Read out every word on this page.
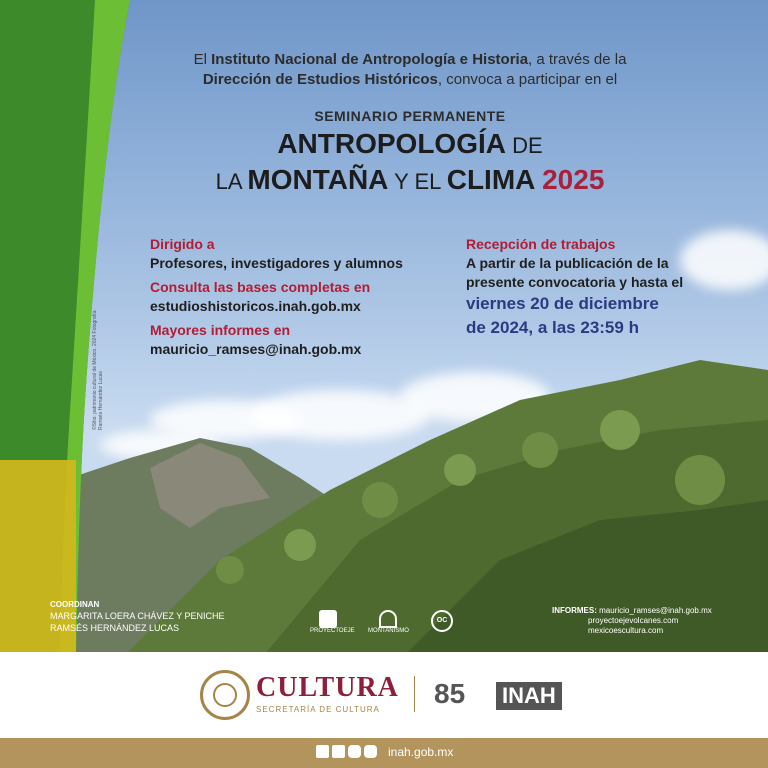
El Instituto Nacional de Antropología e Historia, a través de la
Dirección de Estudios Históricos, convoca a participar en el
SEMINARIO PERMANENTE
ANTROPOLOGÍA DE
LA MONTAÑA Y EL CLIMA 2025
Dirigido a
Profesores, investigadores y alumnos
Consulta las bases completas en
estudioshistoricos.inah.gob.mx
Mayores informes en
mauricio_ramses@inah.gob.mx
Recepción de trabajos
A partir de la publicación de la
presente convocatoria y hasta el
viernes 20 de diciembre
de 2024, a las 23:59 h
©Sitio: patrimonio cultural de México. 2024 Fotografía: Ramsés Hernández Lucas
COORDINAN
MARGARITA LOERA CHÁVEZ Y PENICHE
RAMSÉS HERNÁNDEZ LUCAS	PROYECTOEJE MONTAÑISMO
OC
INFORMES: mauricio_ramses@inah.gob.mx
proyectoejevolcanes.com
mexicoescultura.com
CULTURA
SECRETARÍA DE CULTURA
85 INAH
inah.gob.mx
